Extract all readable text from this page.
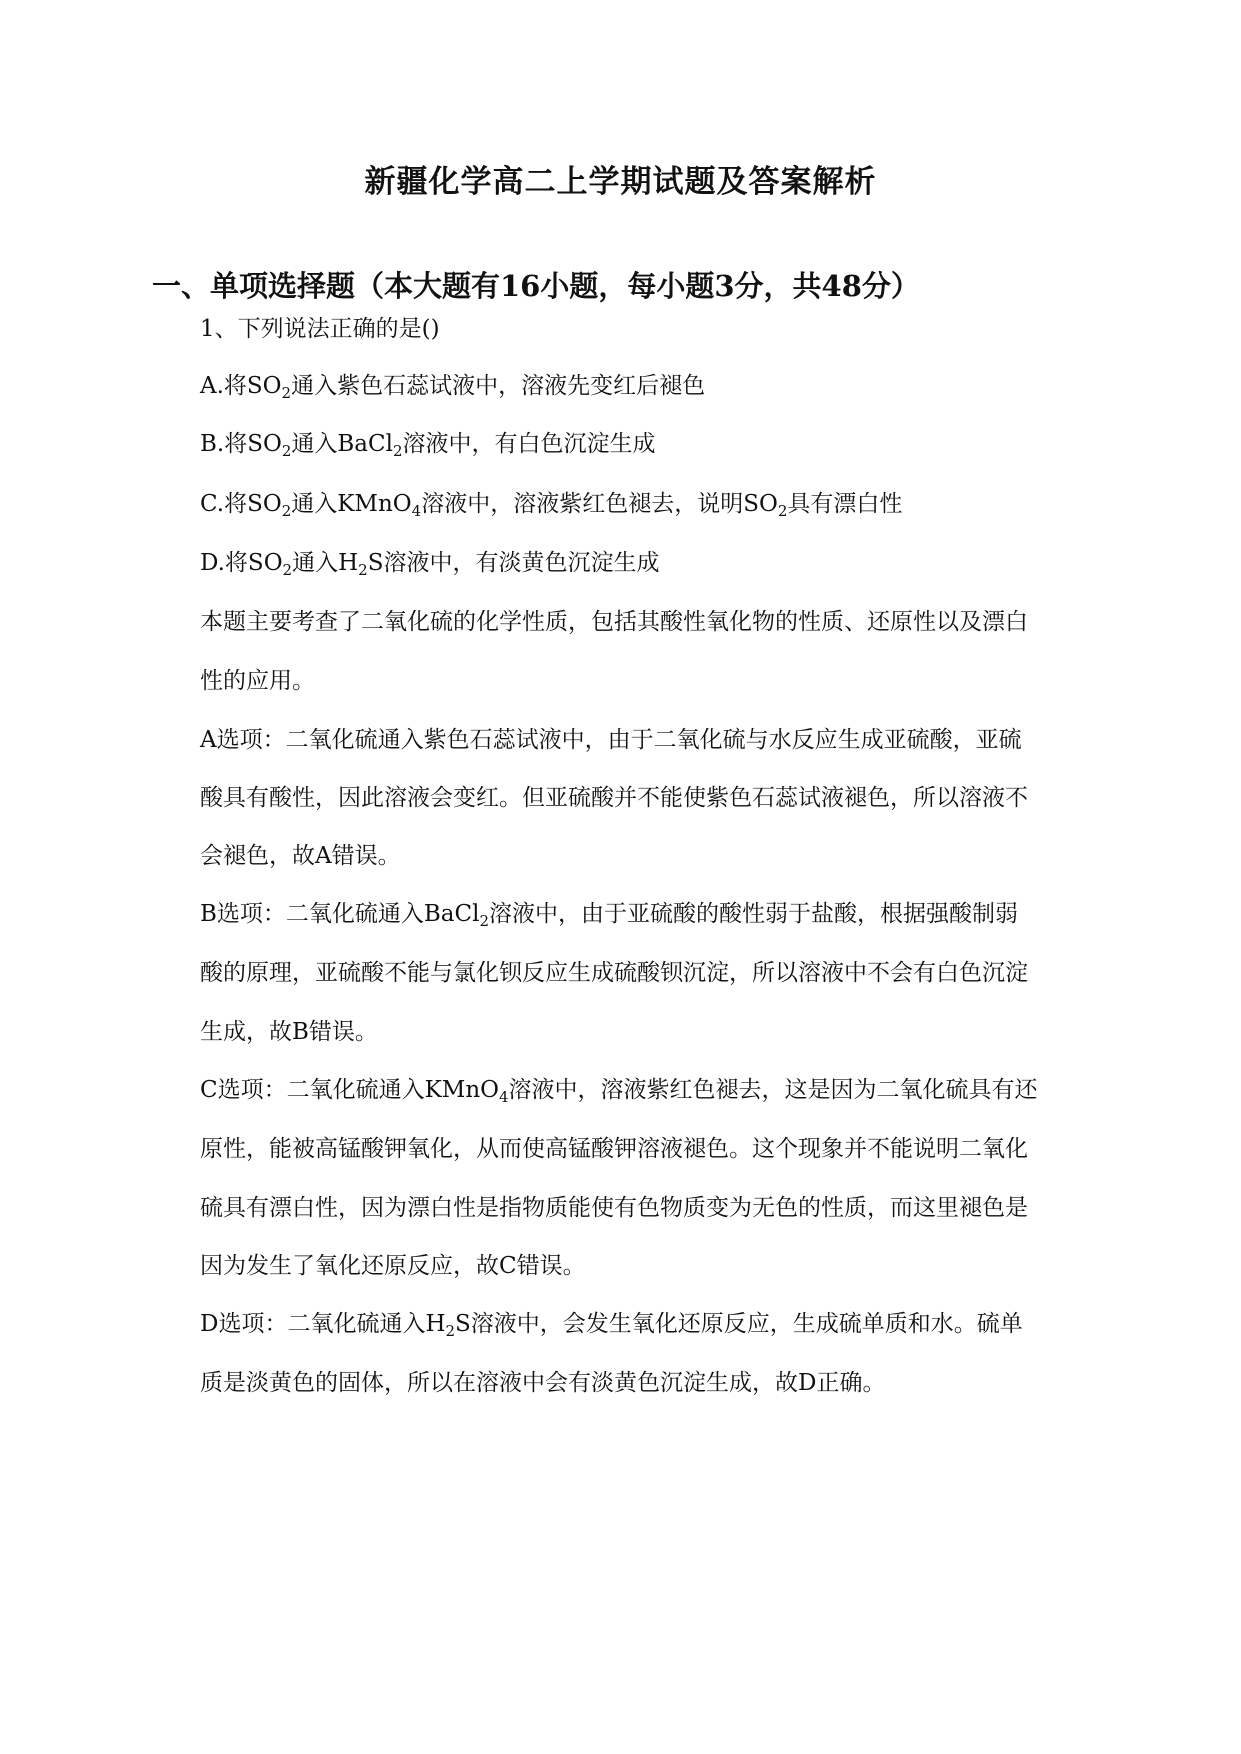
新疆化学高二上学期试题及答案解析
一、单项选择题（本大题有16小题，每小题3分，共48分）
1、下列说法正确的是()
A.将$SO_2$通入紫色石蕊试液中，溶液先变红后褪色
B.将$SO_2$通入BaCl$_2$溶液中，有白色沉淀生成
C.将$SO_2$通入KMnO$_4$溶液中，溶液紫红色褪去，说明$SO_2$具有漂白性
D.将$SO_2$通入$H_2S$溶液中，有淡黄色沉淀生成
本题主要考查了二氧化硫的化学性质，包括其酸性氧化物的性质、还原性以及漂白
性的应用。
A选项：二氧化硫通入紫色石蕊试液中，由于二氧化硫与水反应生成亚硫酸，亚硫
酸具有酸性，因此溶液会变红。但亚硫酸并不能使紫色石蕊试液褪色，所以溶液不
会褪色，故A错误。
B选项：二氧化硫通入BaCl$_2$溶液中，由于亚硫酸的酸性弱于盐酸，根据强酸制弱
酸的原理，亚硫酸不能与氯化钡反应生成硫酸钡沉淀，所以溶液中不会有白色沉淀
生成，故B错误。
C选项：二氧化硫通入KMnO$_4$溶液中，溶液紫红色褪去，这是因为二氧化硫具有还
原性，能被高锰酸钾氧化，从而使高锰酸钾溶液褪色。这个现象并不能说明二氧化
硫具有漂白性，因为漂白性是指物质能使有色物质变为无色的性质，而这里褪色是
因为发生了氧化还原反应，故C错误。
D选项：二氧化硫通入$H_2S$溶液中，会发生氧化还原反应，生成硫单质和水。硫单
质是淡黄色的固体，所以在溶液中会有淡黄色沉淀生成，故D正确。
